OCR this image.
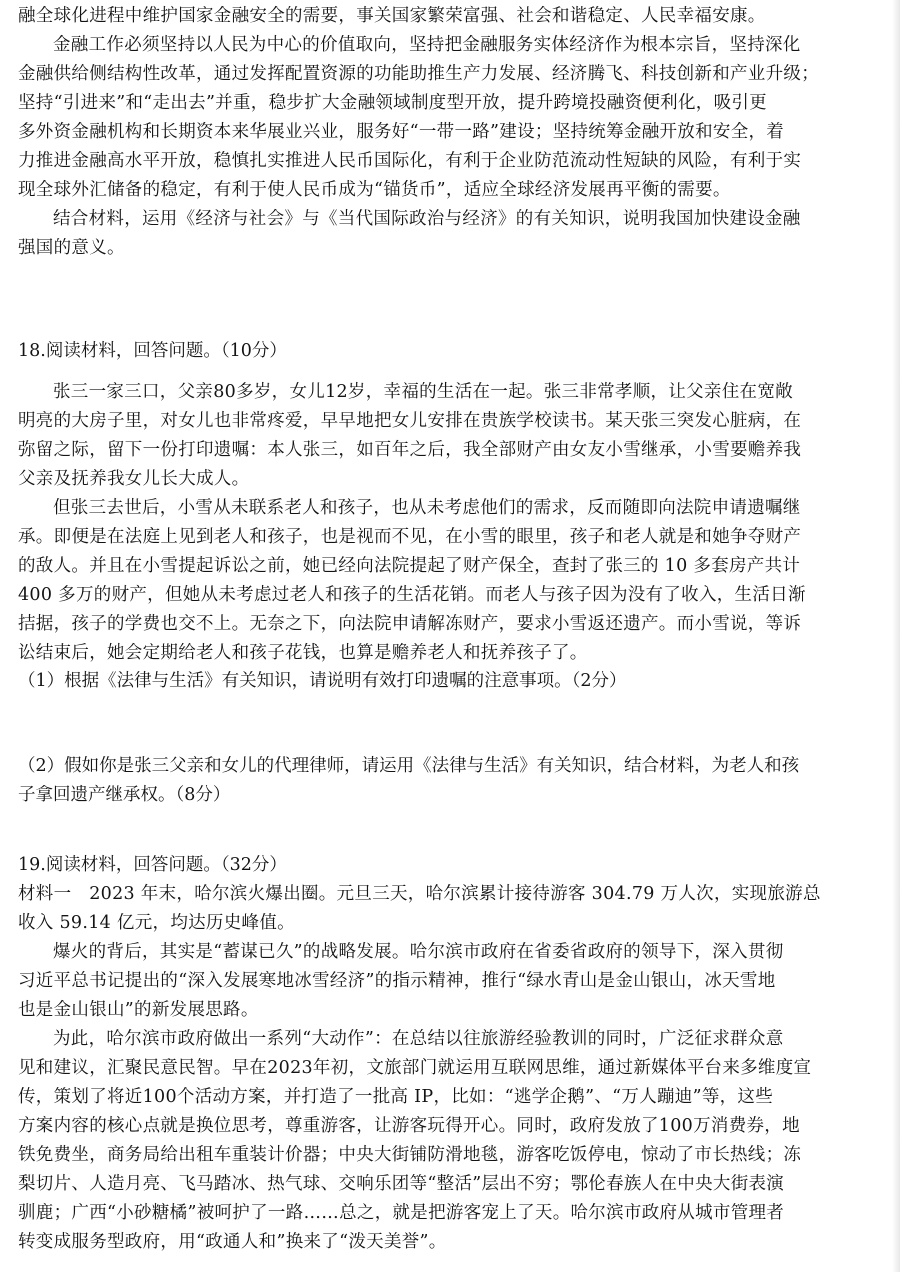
融全球化进程中维护国家金融安全的需要，事关国家繁荣富强、社会和谐稳定、人民幸福安康。

金融工作必须坚持以人民为中心的价值取向，坚持把金融服务实体经济作为根本宗旨，坚持深化
金融供给侧结构性改革，通过发挥配置资源的功能助推生产力发展、经济腾飞、科技创新和产业升级；
坚持“引进来”和“走出去”并重，稳步扩大金融领域制度型开放，提升跨境投融资便利化，吸引更
多外资金融机构和长期资本来华展业兴业，服务好“一带一路”建设；坚持统筹金融开放和安全，着
力推进金融高水平开放，稳慎扎实推进人民币国际化，有利于企业防范流动性短缺的风险，有利于实
现全球外汇储备的稳定，有利于使人民币成为“锚货币”，适应全球经济发展再平衡的需要。

结合材料，运用《经济与社会》与《当代国际政治与经济》的有关知识，说明我国加快建设金融
强国的意义。

18.阅读材料，回答问题。（10分）

张三一家三口，父亲80多岁，女儿12岁，幸福的生活在一起。张三非常孝顺，让父亲住在宽敞
明亮的大房子里，对女儿也非常疼爱，早早地把女儿安排在贵族学校读书。某天张三突发心脏病，在
弥留之际，留下一份打印遗嘱：本人张三，如百年之后，我全部财产由女友小雪继承，小雪要赡养我
父亲及抚养我女儿长大成人。

但张三去世后，小雪从未联系老人和孩子，也从未考虑他们的需求，反而随即向法院申请遗嘱继
承。即便是在法庭上见到老人和孩子，也是视而不见，在小雪的眼里，孩子和老人就是和她争夺财产
的敌人。并且在小雪提起诉讼之前，她已经向法院提起了财产保全，查封了张三的 10 多套房产共计
400 多万的财产，但她从未考虑过老人和孩子的生活花销。而老人与孩子因为没有了收入，生活日渐
拮据，孩子的学费也交不上。无奈之下，向法院申请解冻财产，要求小雪返还遗产。而小雪说，等诉
讼结束后，她会定期给老人和孩子花钱，也算是赡养老人和抚养孩子了。

（1）根据《法律与生活》有关知识，请说明有效打印遗嘱的注意事项。（2分）

（2）假如你是张三父亲和女儿的代理律师，请运用《法律与生活》有关知识，结合材料，为老人和孩
子拿回遗产继承权。（8分）

19.阅读材料，回答问题。（32分）

材料一　2023 年末，哈尔滨火爆出圈。元旦三天，哈尔滨累计接待游客 304.79 万人次，实现旅游总
收入 59.14 亿元，均达历史峰值。

爆火的背后，其实是“蓄谋已久”的战略发展。哈尔滨市政府在省委省政府的领导下，深入贯彻
习近平总书记提出的“深入发展寒地冰雪经济”的指示精神，推行“绿水青山是金山银山，冰天雪地
也是金山银山”的新发展思路。

为此，哈尔滨市政府做出一系列“大动作”：在总结以往旅游经验教训的同时，广泛征求群众意
见和建议，汇聚民意民智。早在2023年初，文旅部门就运用互联网思维，通过新媒体平台来多维度宣
传，策划了将近100个活动方案，并打造了一批高 IP，比如：“逃学企鹅”、“万人蹦迪”等，这些
方案内容的核心点就是换位思考，尊重游客，让游客玩得开心。同时，政府发放了100万消费券，地
铁免费坐，商务局给出租车重装计价器；中央大街铺防滑地毯，游客吃饭停电，惊动了市长热线；冻
梨切片、人造月亮、飞马踏冰、热气球、交响乐团等“整活”层出不穷；鄂伦春族人在中央大街表演
驯鹿；广西“小砂糖橘”被呵护了一路……总之，就是把游客宠上了天。哈尔滨市政府从城市管理者
转变成服务型政府，用“政通人和”换来了“泼天美誉”。
